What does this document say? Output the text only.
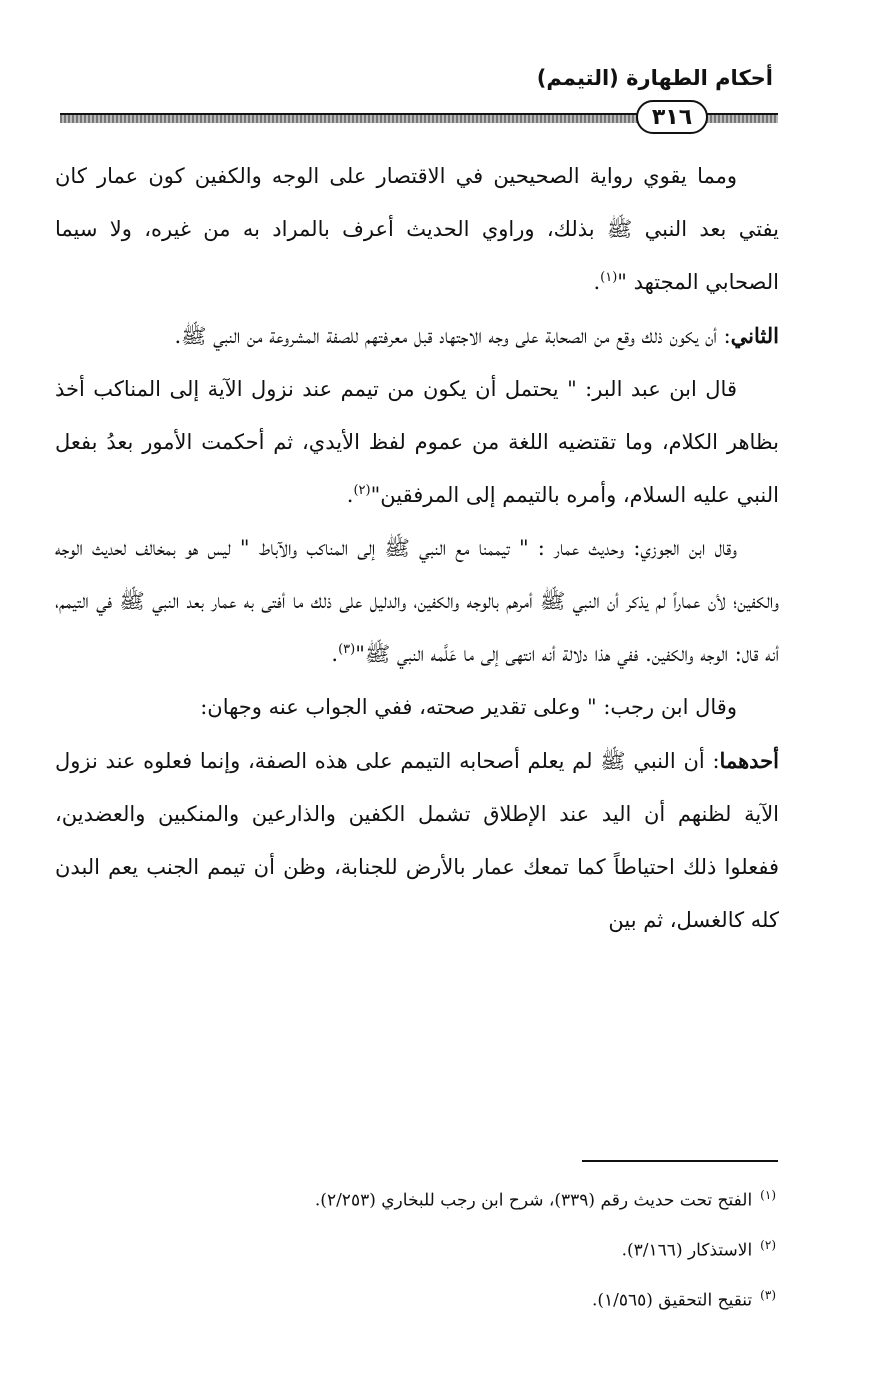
أحكام الطهارة (التيمم)
٣١٦

ومما يقوي رواية الصحيحين في الاقتصار على الوجه والكفين كون عمار كان يفتي بعد النبي ﷺ بذلك، وراوي الحديث أعرف بالمراد به من غيره، ولا سيما الصحابي المجتهد "$^{(١)}$.

الثاني: أن يكون ذلك وقع من الصحابة على وجه الاجتهاد قبل معرفتهم للصفة المشروعة من النبي ﷺ.

قال ابن عبد البر: " يحتمل أن يكون من تيمم عند نزول الآية إلى المناكب أخذ بظاهر الكلام، وما تقتضيه اللغة من عموم لفظ الأيدي، ثم أحكمت الأمور بعدُ بفعل النبي عليه السلام، وأمره بالتيمم إلى المرفقين"$^{(٢)}$.

وقال ابن الجوزي: وحديث عمار : " تيممنا مع النبي ﷺ إلى المناكب والآباط " ليس هو بمخالف لحديث الوجه والكفين؛ لأن عماراً لم يذكر أن النبي ﷺ أمرهم بالوجه والكفين، والدليل على ذلك ما أفتى به عمار بعد النبي ﷺ في التيمم، أنه قال: الوجه والكفين. ففي هذا دلالة أنه انتهى إلى ما عَلَّمه النبي ﷺ"$^{(٣)}$.

وقال ابن رجب: " وعلى تقدير صحته، ففي الجواب عنه وجهان:

أحدهما: أن النبي ﷺ لم يعلم أصحابه التيمم على هذه الصفة، وإنما فعلوه عند نزول الآية لظنهم أن اليد عند الإطلاق تشمل الكفين والذارعين والمنكبين والعضدين، ففعلوا ذلك احتياطاً كما تمعك عمار بالأرض للجنابة، وظن أن تيمم الجنب يعم البدن كله كالغسل، ثم بين

$^{(١)}$الفتح تحت حديث رقم (٣٣٩)، شرح ابن رجب للبخاري (٢/٢٥٣).
$^{(٢)}$الاستذكار (٣/١٦٦).
$^{(٣)}$تنقيح التحقيق (١/٥٦٥).
